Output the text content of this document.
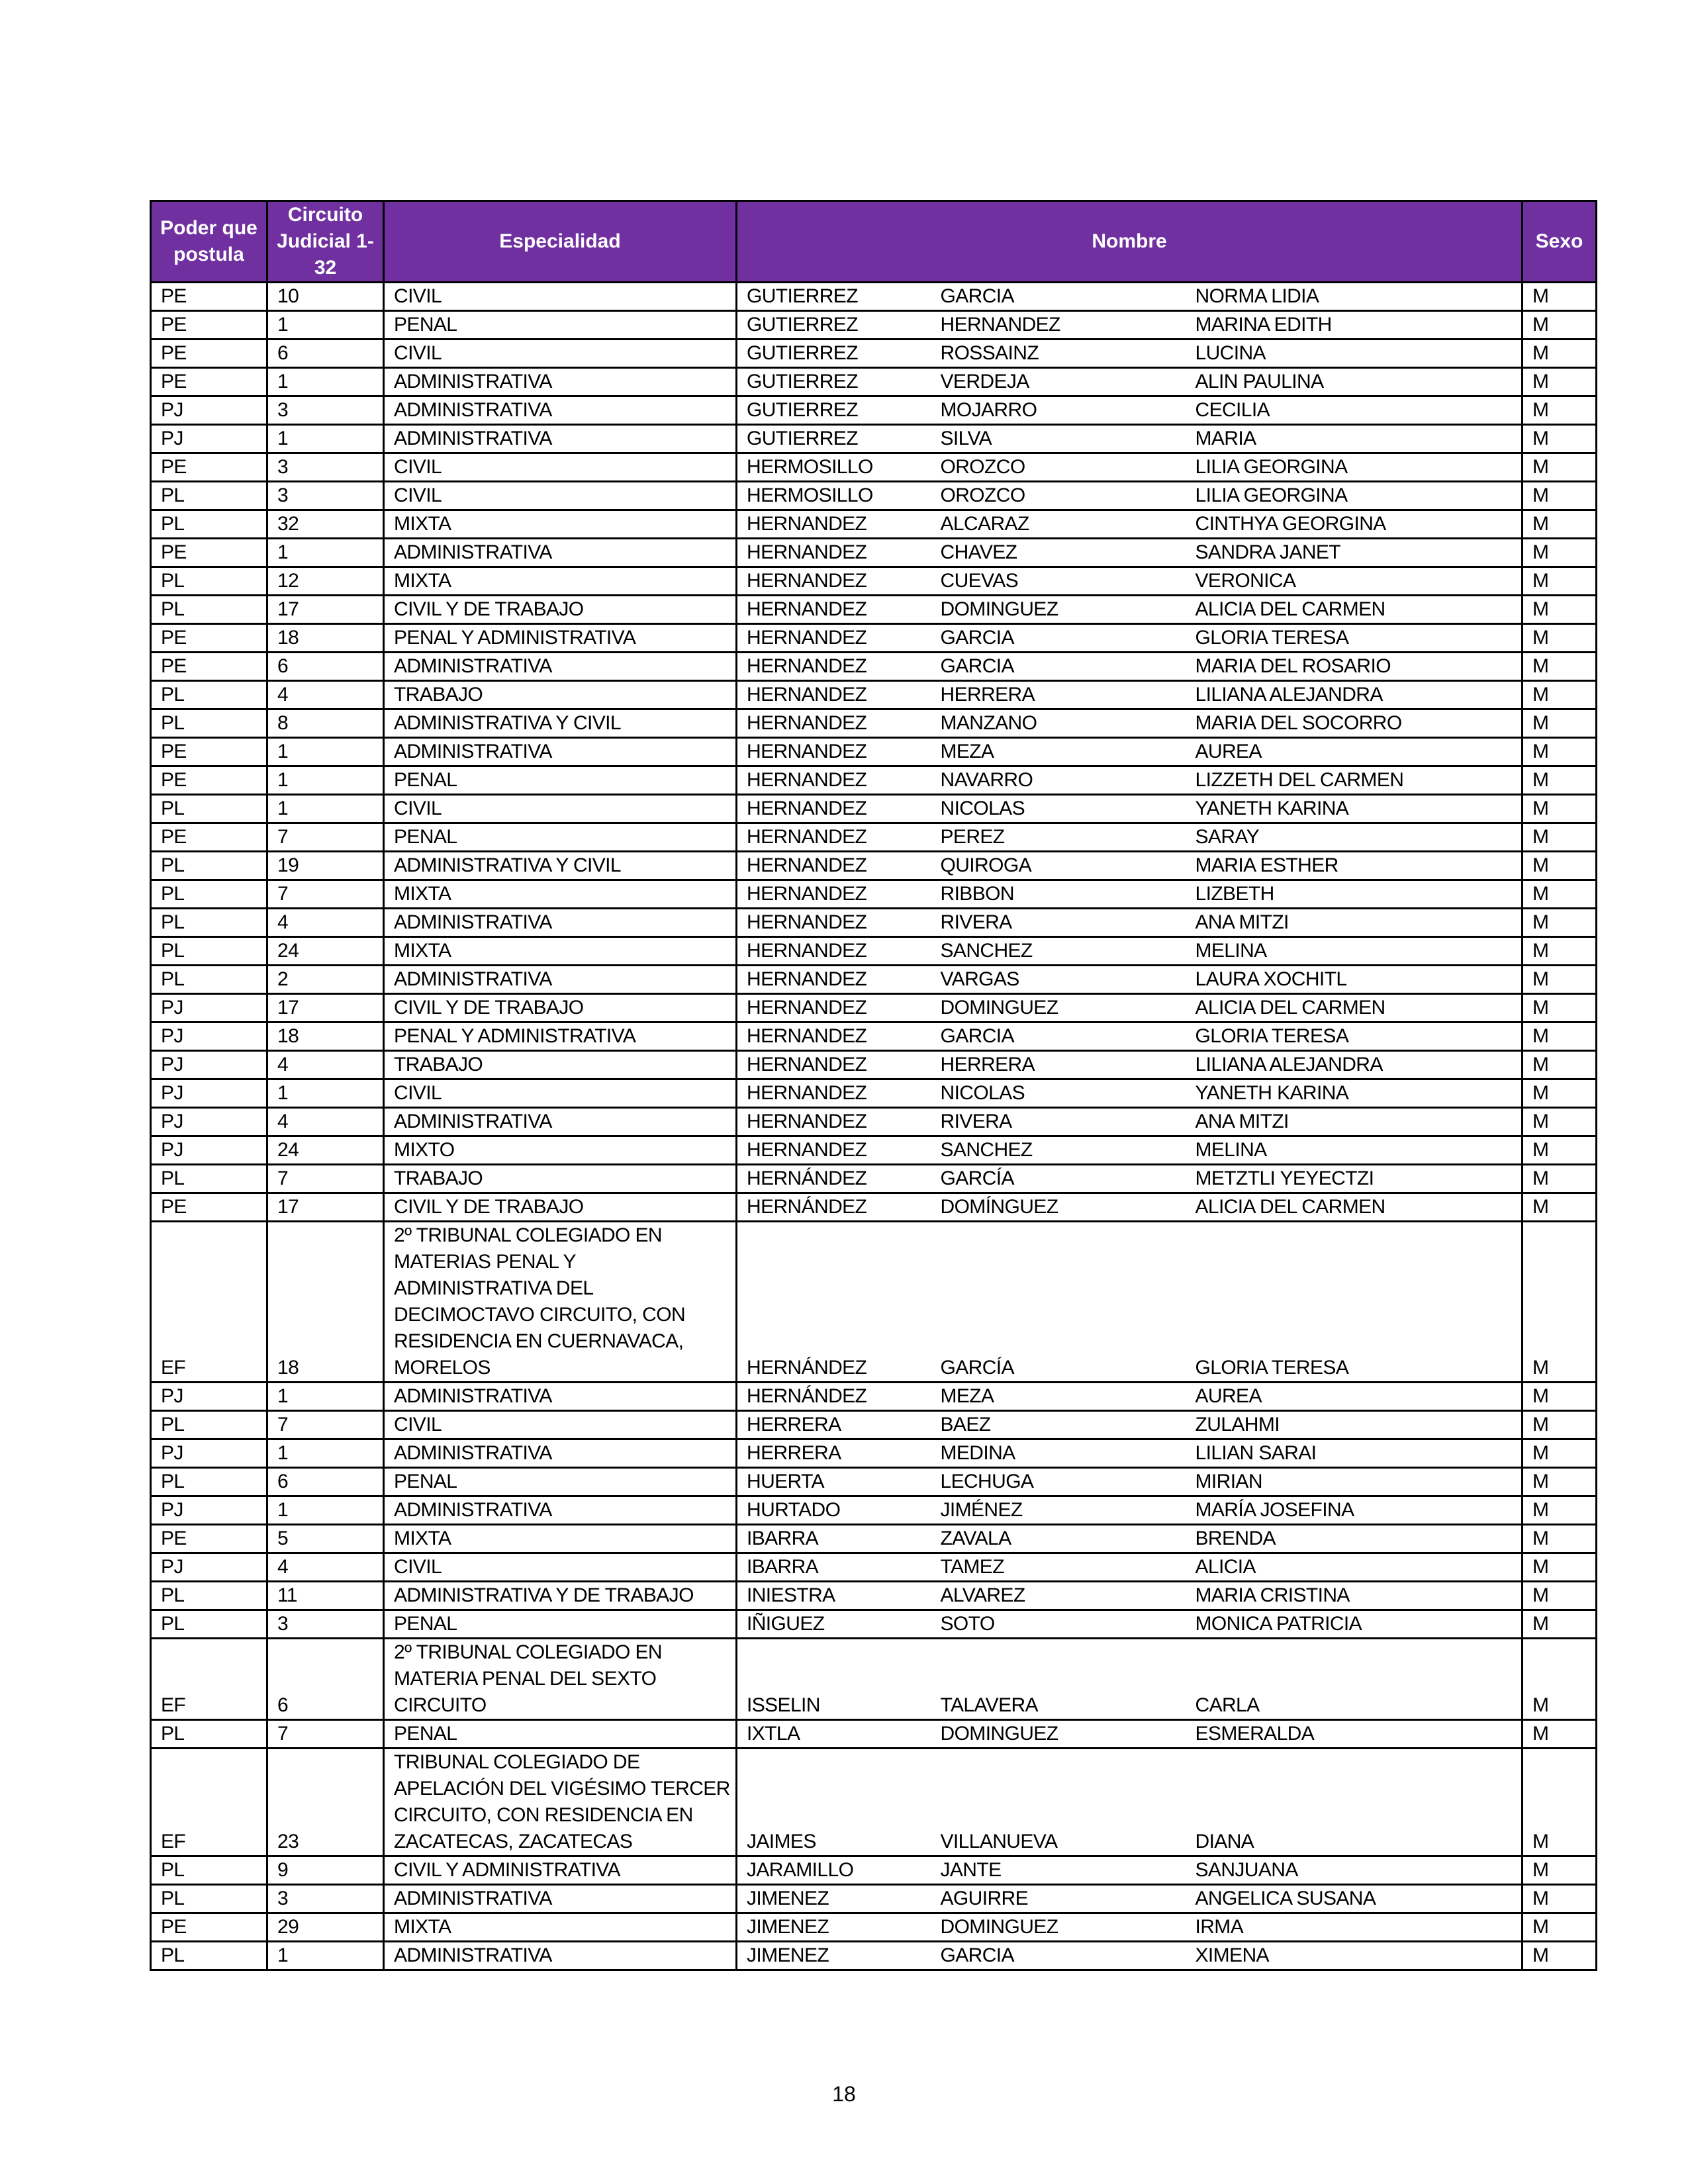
Poder que postula	Circuito Judicial 1-32	Especialidad	Nombre			Sexo
PE	10	CIVIL	GUTIERREZ	GARCIA	NORMA LIDIA	M
PE	1	PENAL	GUTIERREZ	HERNANDEZ	MARINA EDITH	M
PE	6	CIVIL	GUTIERREZ	ROSSAINZ	LUCINA	M
PE	1	ADMINISTRATIVA	GUTIERREZ	VERDEJA	ALIN PAULINA	M
PJ	3	ADMINISTRATIVA	GUTIERREZ	MOJARRO	CECILIA	M
PJ	1	ADMINISTRATIVA	GUTIERREZ	SILVA	MARIA	M
PE	3	CIVIL	HERMOSILLO	OROZCO	LILIA GEORGINA	M
PL	3	CIVIL	HERMOSILLO	OROZCO	LILIA GEORGINA	M
PL	32	MIXTA	HERNANDEZ	ALCARAZ	CINTHYA GEORGINA	M
PE	1	ADMINISTRATIVA	HERNANDEZ	CHAVEZ	SANDRA JANET	M
PL	12	MIXTA	HERNANDEZ	CUEVAS	VERONICA	M
PL	17	CIVIL Y DE TRABAJO	HERNANDEZ	DOMINGUEZ	ALICIA DEL CARMEN	M
PE	18	PENAL Y ADMINISTRATIVA	HERNANDEZ	GARCIA	GLORIA TERESA	M
PE	6	ADMINISTRATIVA	HERNANDEZ	GARCIA	MARIA DEL ROSARIO	M
PL	4	TRABAJO	HERNANDEZ	HERRERA	LILIANA ALEJANDRA	M
PL	8	ADMINISTRATIVA Y CIVIL	HERNANDEZ	MANZANO	MARIA DEL SOCORRO	M
PE	1	ADMINISTRATIVA	HERNANDEZ	MEZA	AUREA	M
PE	1	PENAL	HERNANDEZ	NAVARRO	LIZZETH DEL CARMEN	M
PL	1	CIVIL	HERNANDEZ	NICOLAS	YANETH KARINA	M
PE	7	PENAL	HERNANDEZ	PEREZ	SARAY	M
PL	19	ADMINISTRATIVA Y CIVIL	HERNANDEZ	QUIROGA	MARIA ESTHER	M
PL	7	MIXTA	HERNANDEZ	RIBBON	LIZBETH	M
PL	4	ADMINISTRATIVA	HERNANDEZ	RIVERA	ANA MITZI	M
PL	24	MIXTA	HERNANDEZ	SANCHEZ	MELINA	M
PL	2	ADMINISTRATIVA	HERNANDEZ	VARGAS	LAURA XOCHITL	M
PJ	17	CIVIL Y DE TRABAJO	HERNANDEZ	DOMINGUEZ	ALICIA DEL CARMEN	M
PJ	18	PENAL Y ADMINISTRATIVA	HERNANDEZ	GARCIA	GLORIA TERESA	M
PJ	4	TRABAJO	HERNANDEZ	HERRERA	LILIANA ALEJANDRA	M
PJ	1	CIVIL	HERNANDEZ	NICOLAS	YANETH KARINA	M
PJ	4	ADMINISTRATIVA	HERNANDEZ	RIVERA	ANA MITZI	M
PJ	24	MIXTO	HERNANDEZ	SANCHEZ	MELINA	M
PL	7	TRABAJO	HERNÁNDEZ	GARCÍA	METZTLI YEYECTZI	M
PE	17	CIVIL Y DE TRABAJO	HERNÁNDEZ	DOMÍNGUEZ	ALICIA DEL CARMEN	M
EF	18	2º TRIBUNAL COLEGIADO EN MATERIAS PENAL Y ADMINISTRATIVA DEL DECIMOCTAVO CIRCUITO, CON RESIDENCIA EN CUERNAVACA, MORELOS	HERNÁNDEZ	GARCÍA	GLORIA TERESA	M
PJ	1	ADMINISTRATIVA	HERNÁNDEZ	MEZA	AUREA	M
PL	7	CIVIL	HERRERA	BAEZ	ZULAHMI	M
PJ	1	ADMINISTRATIVA	HERRERA	MEDINA	LILIAN SARAI	M
PL	6	PENAL	HUERTA	LECHUGA	MIRIAN	M
PJ	1	ADMINISTRATIVA	HURTADO	JIMÉNEZ	MARÍA JOSEFINA	M
PE	5	MIXTA	IBARRA	ZAVALA	BRENDA	M
PJ	4	CIVIL	IBARRA	TAMEZ	ALICIA	M
PL	11	ADMINISTRATIVA Y DE TRABAJO	INIESTRA	ALVAREZ	MARIA CRISTINA	M
PL	3	PENAL	IÑIGUEZ	SOTO	MONICA PATRICIA	M
EF	6	2º TRIBUNAL COLEGIADO EN MATERIA PENAL DEL SEXTO CIRCUITO	ISSELIN	TALAVERA	CARLA	M
PL	7	PENAL	IXTLA	DOMINGUEZ	ESMERALDA	M
EF	23	TRIBUNAL COLEGIADO DE APELACIÓN DEL VIGÉSIMO TERCER CIRCUITO, CON RESIDENCIA EN ZACATECAS, ZACATECAS	JAIMES	VILLANUEVA	DIANA	M
PL	9	CIVIL Y ADMINISTRATIVA	JARAMILLO	JANTE	SANJUANA	M
PL	3	ADMINISTRATIVA	JIMENEZ	AGUIRRE	ANGELICA SUSANA	M
PE	29	MIXTA	JIMENEZ	DOMINGUEZ	IRMA	M
PL	1	ADMINISTRATIVA	JIMENEZ	GARCIA	XIMENA	M
18
